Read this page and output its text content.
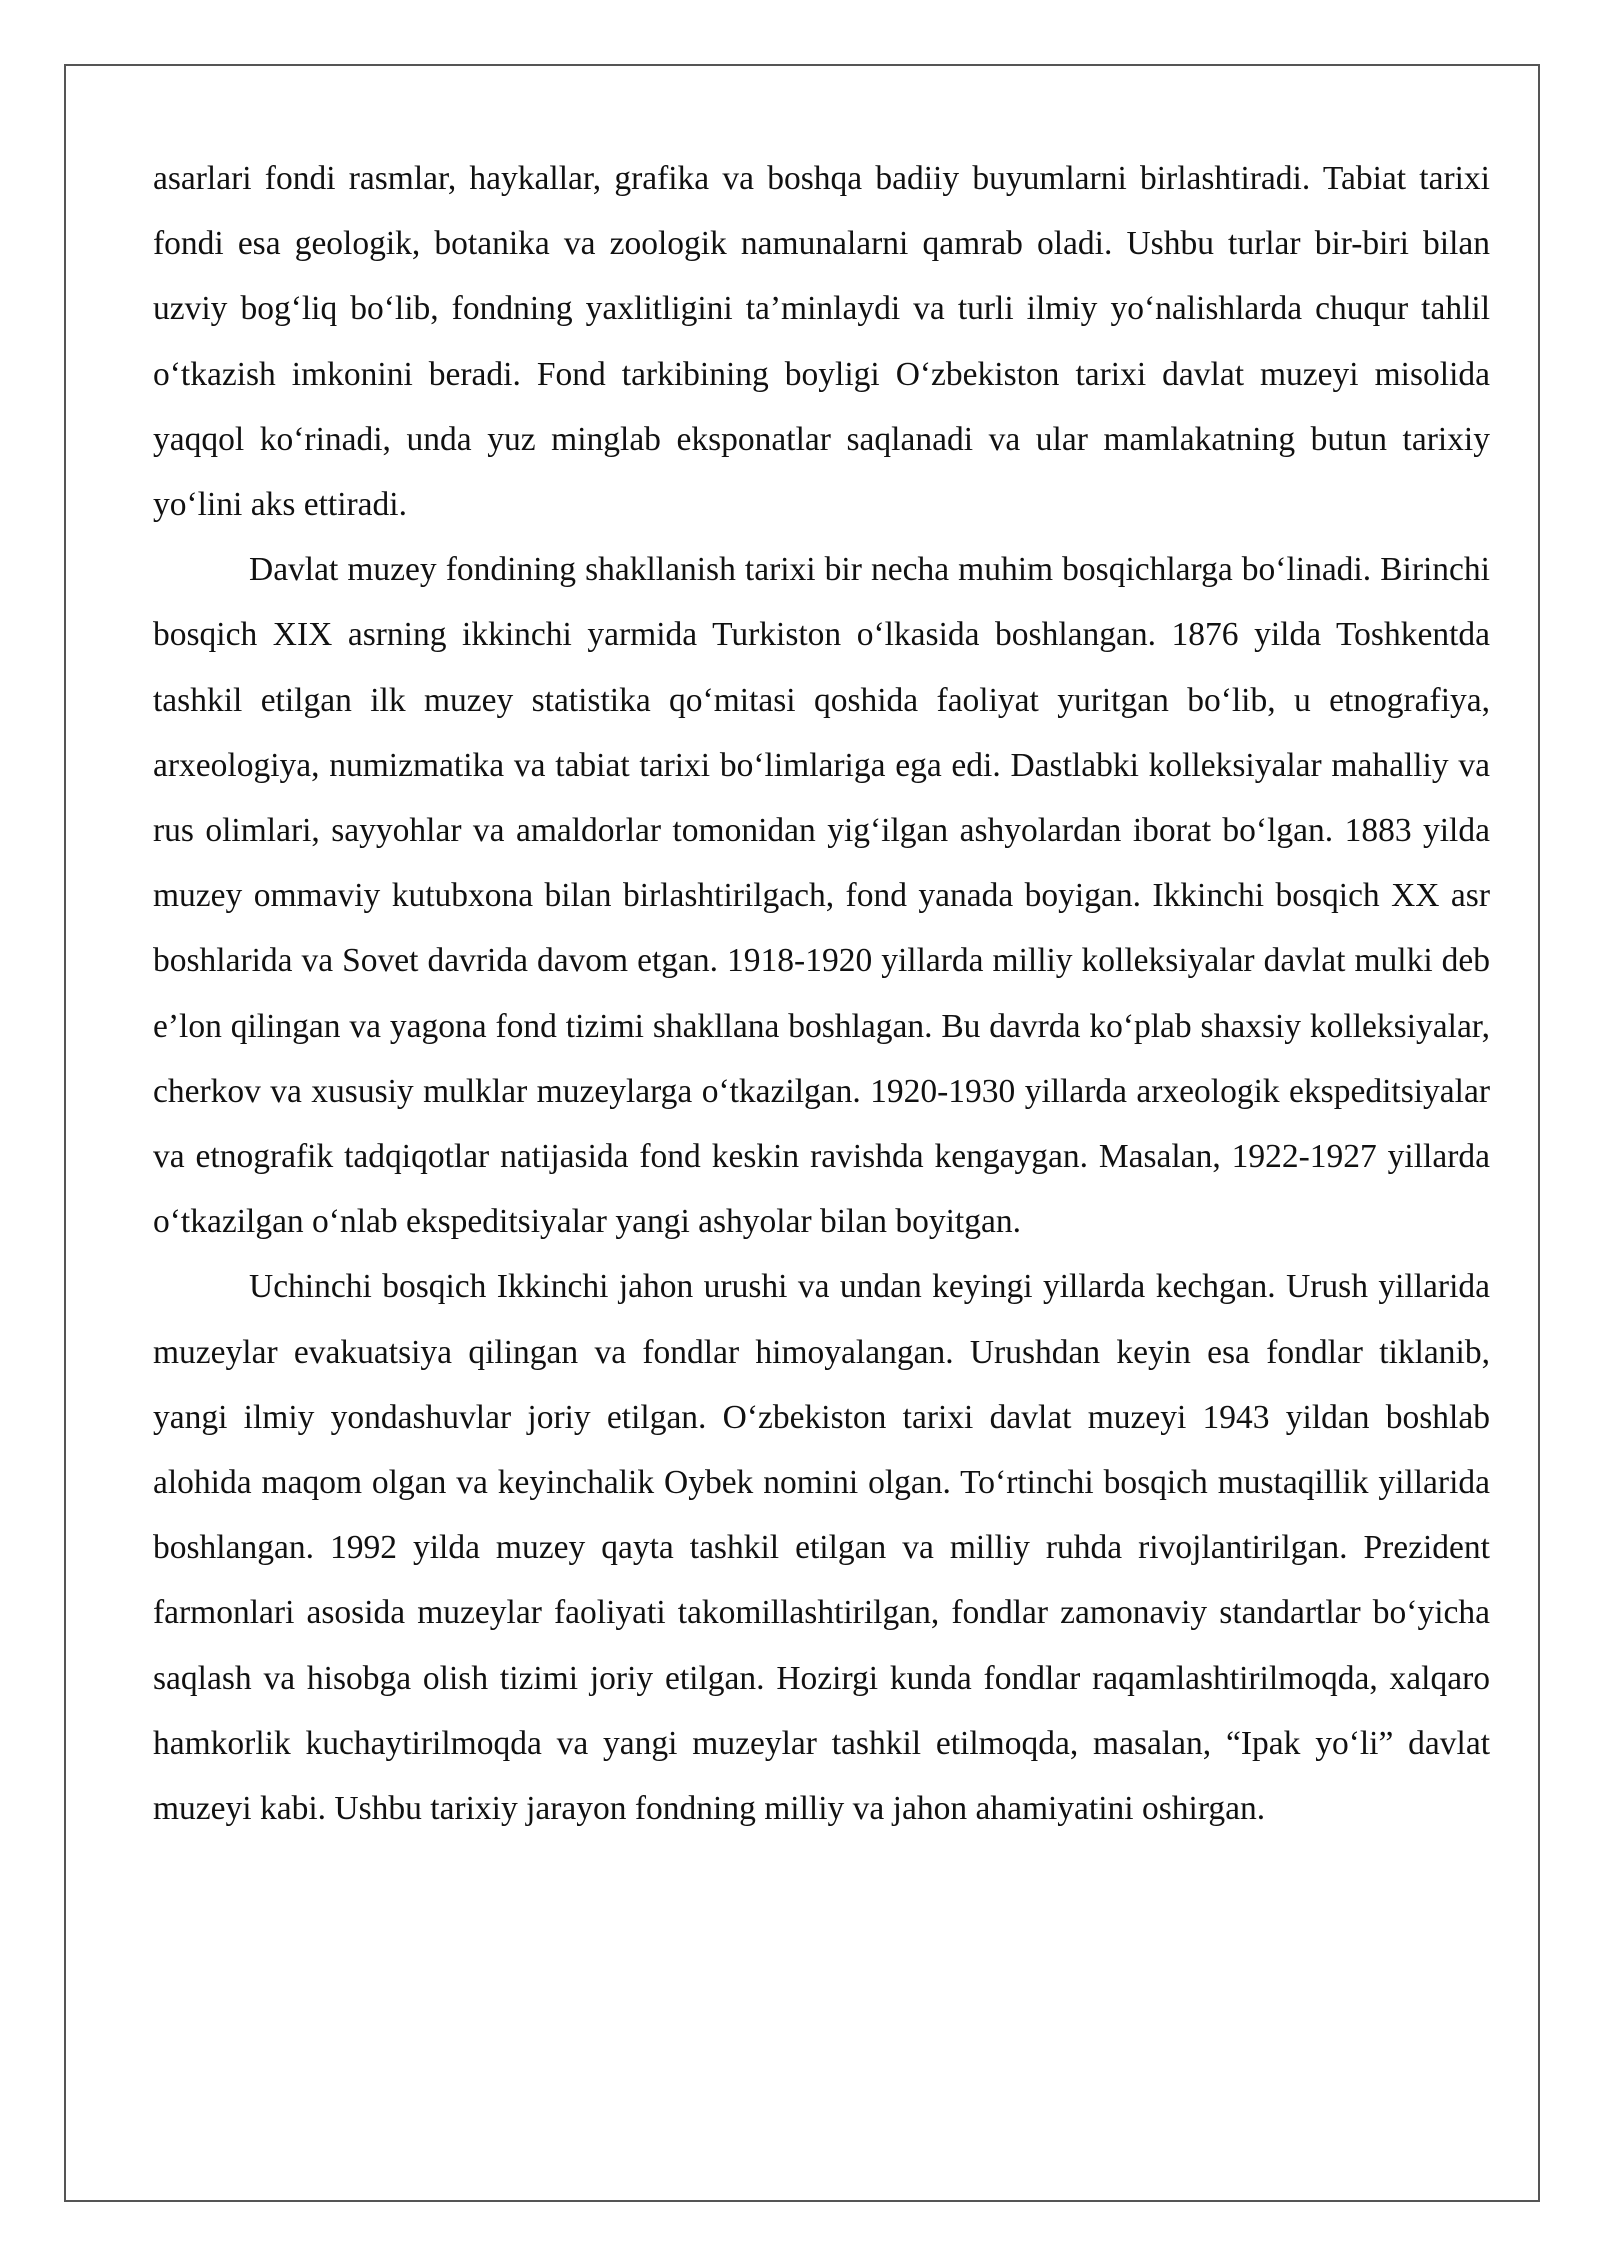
asarlari fondi rasmlar, haykallar, grafika va boshqa badiiy buyumlarni birlashtiradi. Tabiat tarixi fondi esa geologik, botanika va zoologik namunalarni qamrab oladi. Ushbu turlar bir-biri bilan uzviy bog‘liq bo‘lib, fondning yaxlitligini ta’minlaydi va turli ilmiy yo‘nalishlarda chuqur tahlil o‘tkazish imkonini beradi. Fond tarkibining boyligi O‘zbekiston tarixi davlat muzeyi misolida yaqqol ko‘rinadi, unda yuz minglab eksponatlar saqlanadi va ular mamlakatning butun tarixiy yo‘lini aks ettiradi.

Davlat muzey fondining shakllanish tarixi bir necha muhim bosqichlarga bo‘linadi. Birinchi bosqich XIX asrning ikkinchi yarmida Turkiston o‘lkasida boshlangan. 1876 yilda Toshkentda tashkil etilgan ilk muzey statistika qo‘mitasi qoshida faoliyat yuritgan bo‘lib, u etnografiya, arxeologiya, numizmatika va tabiat tarixi bo‘limlariga ega edi. Dastlabki kolleksiyalar mahalliy va rus olimlari, sayyohlar va amaldorlar tomonidan yig‘ilgan ashyolardan iborat bo‘lgan. 1883 yilda muzey ommaviy kutubxona bilan birlashtirilgach, fond yanada boyigan. Ikkinchi bosqich XX asr boshlarida va Sovet davrida davom etgan. 1918-1920 yillarda milliy kolleksiyalar davlat mulki deb e’lon qilingan va yagona fond tizimi shakllana boshlagan. Bu davrda ko‘plab shaxsiy kolleksiyalar, cherkov va xususiy mulklar muzeylarga o‘tkazilgan. 1920-1930 yillarda arxeologik ekspeditsiyalar va etnografik tadqiqotlar natijasida fond keskin ravishda kengaygan. Masalan, 1922-1927 yillarda o‘tkazilgan o‘nlab ekspeditsiyalar yangi ashyolar bilan boyitgan.

Uchinchi bosqich Ikkinchi jahon urushi va undan keyingi yillarda kechgan. Urush yillarida muzeylar evakuatsiya qilingan va fondlar himoyalangan. Urushdan keyin esa fondlar tiklanib, yangi ilmiy yondashuvlar joriy etilgan. O‘zbekiston tarixi davlat muzeyi 1943 yildan boshlab alohida maqom olgan va keyinchalik Oybek nomini olgan. To‘rtinchi bosqich mustaqillik yillarida boshlangan. 1992 yilda muzey qayta tashkil etilgan va milliy ruhda rivojlantirilgan. Prezident farmonlari asosida muzeylar faoliyati takomillashtirilgan, fondlar zamonaviy standartlar bo‘yicha saqlash va hisobga olish tizimi joriy etilgan. Hozirgi kunda fondlar raqamlashtirilmoqda, xalqaro hamkorlik kuchaytirilmoqda va yangi muzeylar tashkil etilmoqda, masalan, “Ipak yo‘li” davlat muzeyi kabi. Ushbu tarixiy jarayon fondning milliy va jahon ahamiyatini oshirgan.
